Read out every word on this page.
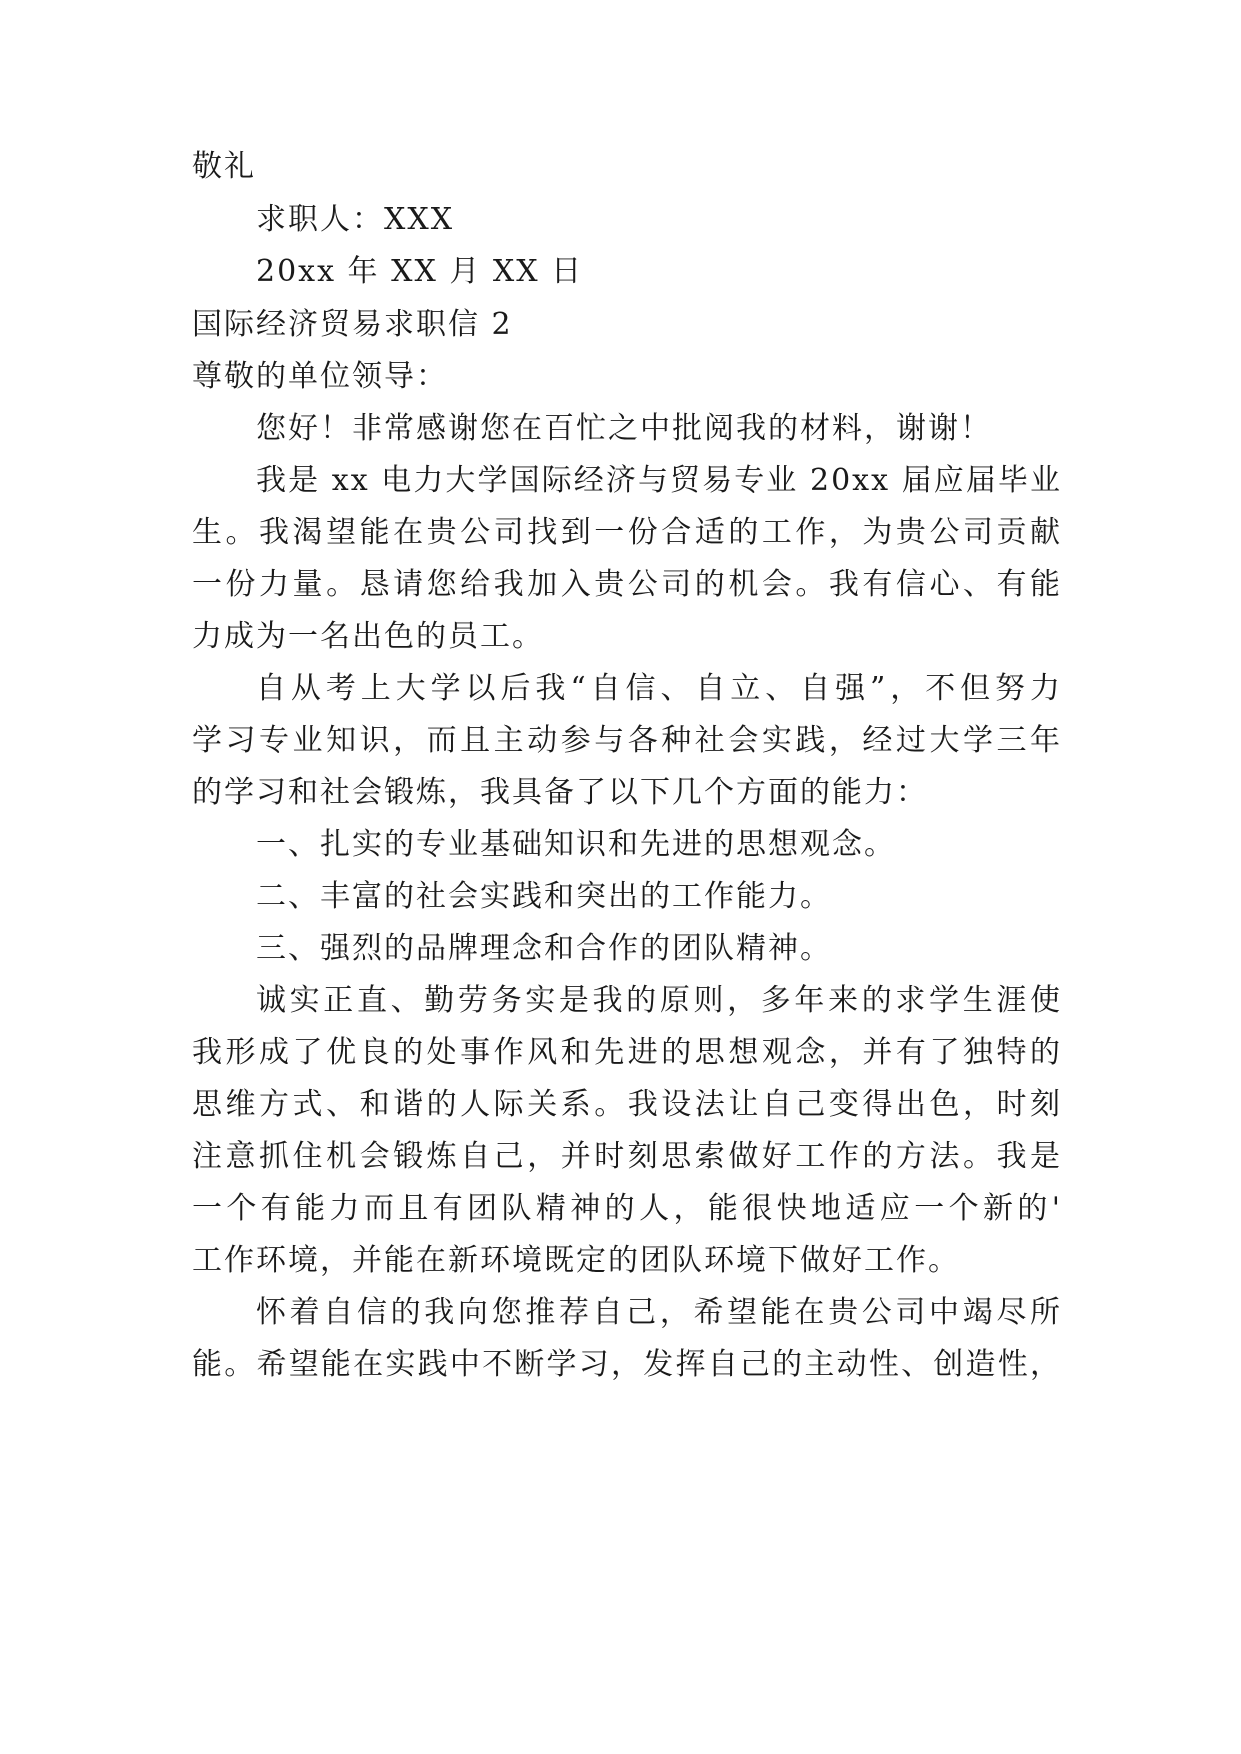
敬礼
求职人：XXX
20xx 年 XX 月 XX 日
国际经济贸易求职信 2
尊敬的单位领导：
您好！非常感谢您在百忙之中批阅我的材料，谢谢！
我是 xx 电力大学国际经济与贸易专业 20xx 届应届毕业
生。我渴望能在贵公司找到一份合适的工作，为贵公司贡献
一份力量。恳请您给我加入贵公司的机会。我有信心、有能
力成为一名出色的员工。
自从考上大学以后我“自信、自立、自强”，不但努力
学习专业知识，而且主动参与各种社会实践，经过大学三年
的学习和社会锻炼，我具备了以下几个方面的能力：
一、扎实的专业基础知识和先进的思想观念。
二、丰富的社会实践和突出的工作能力。
三、强烈的品牌理念和合作的团队精神。
诚实正直、勤劳务实是我的原则，多年来的求学生涯使
我形成了优良的处事作风和先进的思想观念，并有了独特的
思维方式、和谐的人际关系。我设法让自己变得出色，时刻
注意抓住机会锻炼自己，并时刻思索做好工作的方法。我是
一个有能力而且有团队精神的人，能很快地适应一个新的'
工作环境，并能在新环境既定的团队环境下做好工作。
怀着自信的我向您推荐自己，希望能在贵公司中竭尽所
能。希望能在实践中不断学习，发挥自己的主动性、创造性，
